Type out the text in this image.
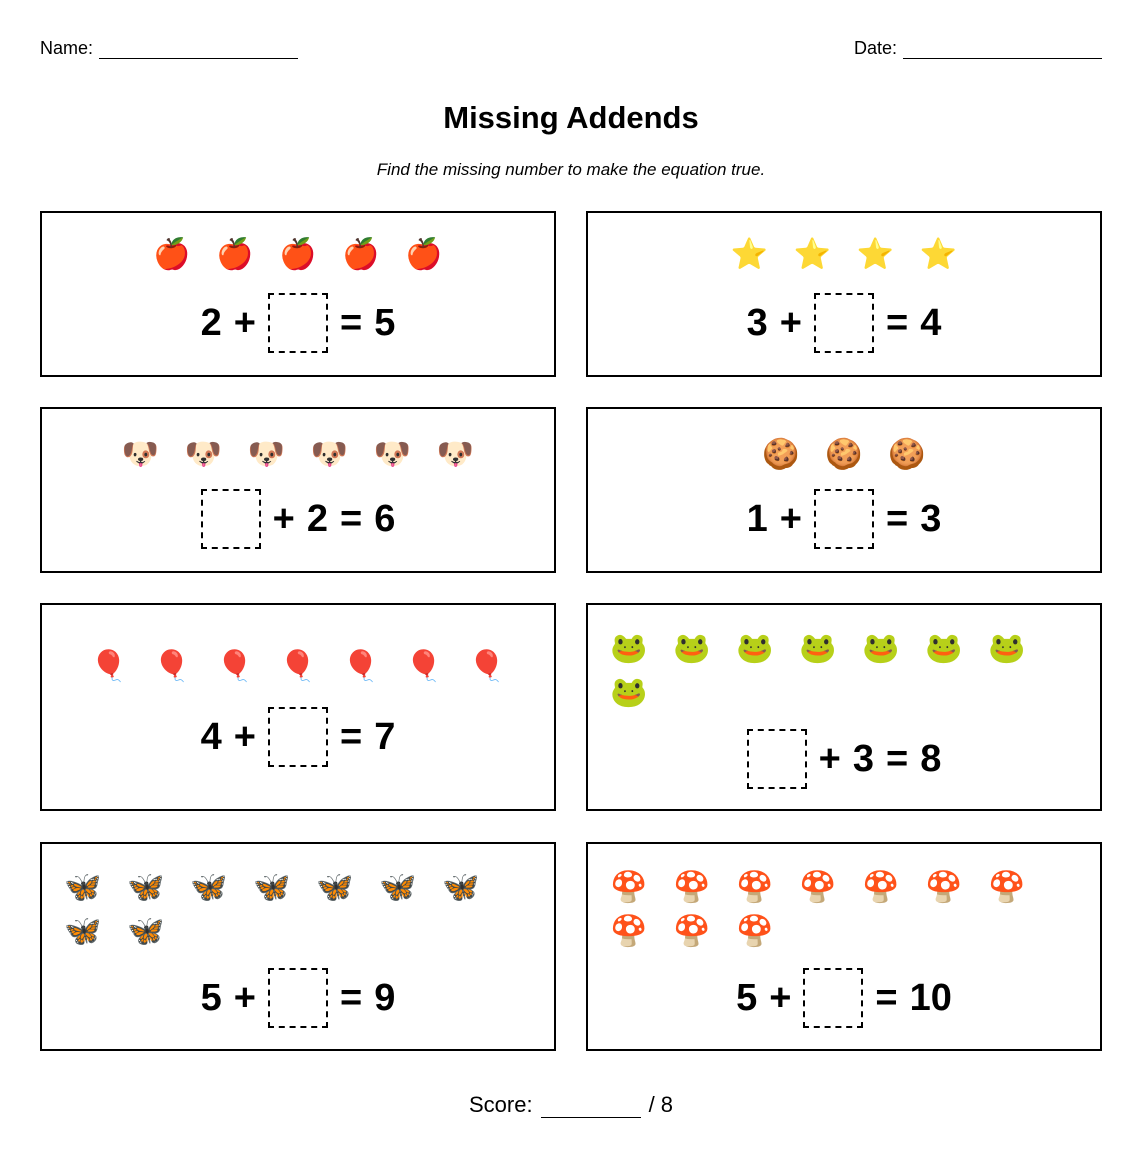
Name:	Date:
Missing Addends
Find the missing number to make the equation true.
🍎 🍎 🍎 🍎 🍎
2 + = 5
⭐ ⭐ ⭐ ⭐
3 + = 4
🐶 🐶 🐶 🐶 🐶 🐶
+ 2 = 6
🍪 🍪 🍪
1 + = 3
🎈 🎈 🎈 🎈 🎈 🎈 🎈
4 + = 7
🐸 🐸 🐸 🐸 🐸 🐸 🐸
🐸
+ 3 = 8
🦋 🦋 🦋 🦋 🦋 🦋 🦋
🦋 🦋
5 + = 9
🍄 🍄 🍄 🍄 🍄 🍄 🍄
🍄 🍄 🍄
5 + = 10
Score:	/ 8
